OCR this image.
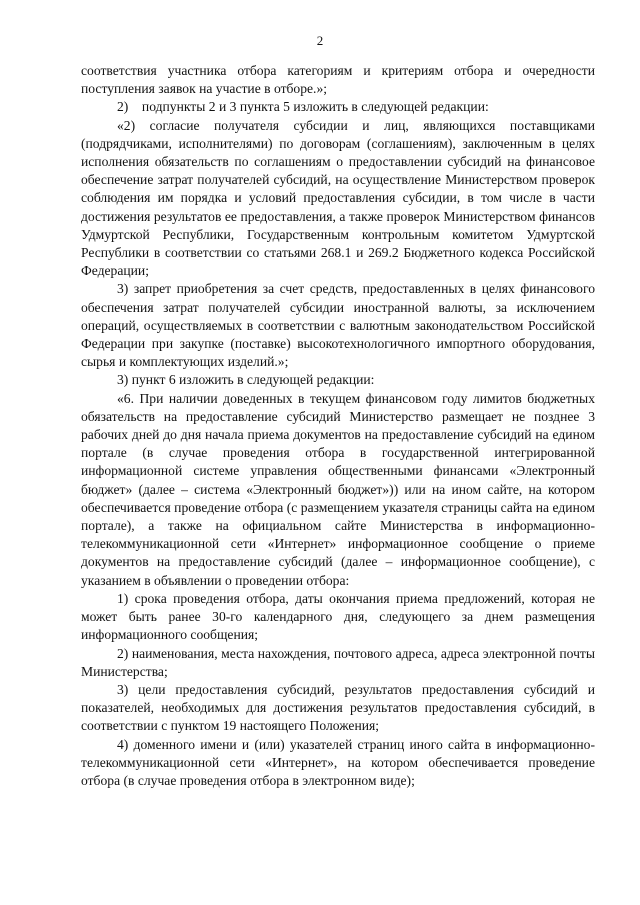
2

соответствия участника отбора категориям и критериям отбора и очередности поступления заявок на участие в отборе.»;

2)    подпункты 2 и 3 пункта 5 изложить в следующей редакции:

«2) согласие получателя субсидии и лиц, являющихся поставщиками (подрядчиками, исполнителями) по договорам (соглашениям), заключенным в целях исполнения обязательств по соглашениям о предоставлении субсидий на финансовое обеспечение затрат получателей субсидий, на осуществление Министерством проверок соблюдения им порядка и условий предоставления субсидии, в том числе в части достижения результатов ее предоставления, а также проверок Министерством финансов Удмуртской Республики, Государственным контрольным комитетом Удмуртской Республики в соответствии со статьями 268.1 и 269.2 Бюджетного кодекса Российской Федерации;

3) запрет приобретения за счет средств, предоставленных в целях финансового обеспечения затрат получателей субсидии иностранной валюты, за исключением операций, осуществляемых в соответствии с валютным законодательством Российской Федерации при закупке (поставке) высокотехнологичного импортного оборудования, сырья и комплектующих изделий.»;

3) пункт 6 изложить в следующей редакции:

«6. При наличии доведенных в текущем финансовом году лимитов бюджетных обязательств на предоставление субсидий Министерство размещает не позднее 3 рабочих дней до дня начала приема документов на предоставление субсидий на едином портале (в случае проведения отбора в государственной интегрированной информационной системе управления общественными финансами «Электронный бюджет» (далее – система «Электронный бюджет»)) или на ином сайте, на котором обеспечивается проведение отбора (с размещением указателя страницы сайта на едином портале), а также на официальном сайте Министерства в информационно-телекоммуникационной сети «Интернет» информационное сообщение о приеме документов на предоставление субсидий (далее – информационное сообщение), с указанием в объявлении о проведении отбора:

1) срока проведения отбора, даты окончания приема предложений, которая не может быть ранее 30-го календарного дня, следующего за днем размещения информационного сообщения;

2) наименования, места нахождения, почтового адреса, адреса электронной почты Министерства;

3) цели предоставления субсидий, результатов предоставления субсидий и показателей, необходимых для достижения результатов предоставления субсидий, в соответствии с пунктом 19 настоящего Положения;

4) доменного имени и (или) указателей страниц иного сайта в информационно-телекоммуникационной сети «Интернет», на котором обеспечивается проведение отбора (в случае проведения отбора в электронном виде);
